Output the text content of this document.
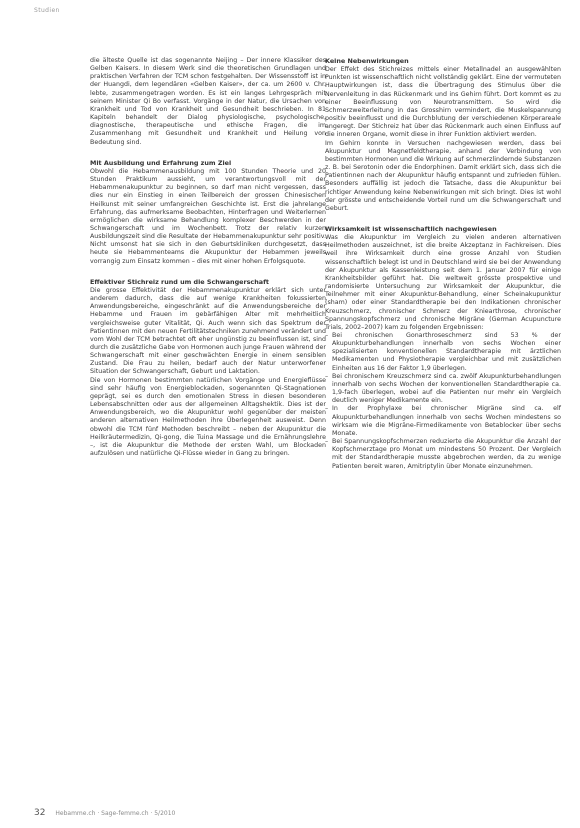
Studien

die älteste Quelle ist das sogenannte Neijing – Der innere Klassiker des Gelben Kaisers. In diesem Werk sind die theoretischen Grundlagen und praktischen Verfahren der TCM schon festgehalten. Der Wissensstoff ist in der Huangdi, dem legendären «Gelben Kaiser», der ca. um 2600 v. Chr. lebte, zusammengetragen worden. Es ist ein langes Lehrgespräch mit seinem Minister Qi Bo verfasst. Vorgänge in der Natur, die Ursachen von Krankheit und Tod von Krankheit und Gesundheit beschrieben. In 81 Kapiteln behandelt der Dialog physiologische, psychologische, diagnostische, therapeutische und ethische Fragen, die im Zusammenhang mit Gesundheit und Krankheit und Heilung von Bedeutung sind.

Mit Ausbildung und Erfahrung zum Ziel

Obwohl die Hebammenausbildung mit 100 Stunden Theorie und 20 Stunden Praktikum aussieht, um verantwortungsvoll mit der Hebammenakupunktur zu beginnen, so darf man nicht vergessen, dass dies nur ein Einstieg in einen Teilbereich der grossen Chinesischen Heilkunst mit seiner umfangreichen Geschichte ist. Erst die jahrelange Erfahrung, das aufmerksame Beobachten, Hinterfragen und Weiterlernen ermöglichen die wirksame Behandlung komplexer Beschwerden in der Schwangerschaft und im Wochenbett. Trotz der relativ kurzen Ausbildungszeit sind die Resultate der Hebammenakupunktur sehr positiv. Nicht umsonst hat sie sich in den Geburtskliniken durchgesetzt, dass heute sie Hebammenteams die Akupunktur der Hebammen jeweils vorrangig zum Einsatz kommen – dies mit einer hohen Erfolgsquote.

Effektiver Stichreiz rund um die Schwangerschaft

Die grosse Effektivität der Hebammenakupunktur erklärt sich unter anderem dadurch, dass die auf wenige Krankheiten fokussierten Anwendungsbereiche, eingeschränkt auf die Anwendungsbereiche der Hebamme und Frauen im gebärfähigen Alter mit mehrheitlich vergleichsweise guter Vitalität, Qi. Auch wenn sich das Spektrum der Patientinnen mit den neuen Fertilitätstechniken zunehmend verändert und vom Wohl der TCM betrachtet oft eher ungünstig zu beeinflussen ist, sind durch die zusätzliche Gabe von Hormonen auch junge Frauen während der Schwangerschaft mit einer geschwächten Energie in einem sensiblen Zustand. Die Frau zu heilen, bedarf auch der Natur unterworfener Situation der Schwangerschaft, Geburt und Laktation.

Die von Hormonen bestimmten natürlichen Vorgänge und Energieflüsse sind sehr häufig von Energieblockaden, sogenannten Qi-Stagnationen geprägt, sei es durch den emotionalen Stress in diesen besonderen Lebensabschnitten oder aus der allgemeinen Alltagshektik. Dies ist der Anwendungsbereich, wo die Akupunktur wohl gegenüber der meisten anderen alternativen Heilmethoden ihre Überlegenheit ausweist. Denn obwohl die TCM fünf Methoden beschreibt – neben der Akupunktur die Heilkräutermedizin, Qi-gong, die Tuina Massage und die Ernährungslehre –, ist die Akupunktur die Methode der ersten Wahl, um Blockaden aufzulösen und natürliche Qi-Flüsse wieder in Gang zu bringen.

Keine Nebenwirkungen

Der Effekt des Stichreizes mittels einer Metallnadel an ausgewählten Punkten ist wissenschaftlich nicht vollständig geklärt. Eine der vermuteten Hauptwirkungen ist, dass die Übertragung des Stimulus über die Nervenleitung in das Rückenmark und ins Gehirn führt. Dort kommt es zu einer Beeinflussung von Neurotransmittern. So wird die Schmerzweiterleitung in das Grosshirn vermindert, die Muskelspannung positiv beeinflusst und die Durchblutung der verschiedenen Körperareale angeregt. Der Stichreiz hat über das Rückenmark auch einen Einfluss auf die inneren Organe, womit diese in ihrer Funktion aktiviert werden.

Im Gehirn konnte in Versuchen nachgewiesen werden, dass bei Akupunktur und Magnetfeldtherapie, anhand der Verbindung von bestimmten Hormonen und die Wirkung auf schmerzlindernde Substanzen z. B. bei Serotonin oder die Endorphinen. Damit erklärt sich, dass sich die Patientinnen nach der Akupunktur häufig entspannt und zufrieden fühlen. Besonders auffällig ist jedoch die Tatsache, dass die Akupunktur bei richtiger Anwendung keine Nebenwirkungen mit sich bringt. Dies ist wohl der grösste und entscheidende Vorteil rund um die Schwangerschaft und Geburt.

Wirksamkeit ist wissenschaftlich nachgewiesen

Was die Akupunktur im Vergleich zu vielen anderen alternativen Heilmethoden auszeichnet, ist die breite Akzeptanz in Fachkreisen. Dies weil ihre Wirksamkeit durch eine grosse Anzahl von Studien wissenschaftlich belegt ist und in Deutschland wird sie bei der Anwendung der Akupunktur als Kassenleistung seit dem 1. Januar 2007 für einige Krankheitsbilder geführt hat. Die weltweit grösste prospektive und randomisierte Untersuchung zur Wirksamkeit der Akupunktur, die Teilnehmer mit einer Akupunktur-Behandlung, einer Scheinakupunktur (sham) oder einer Standardtherapie bei den Indikationen chronischer Kreuzschmerz, chronischer Schmerz der Kniearthrose, chronischer Spannungskopfschmerz und chronische Migräne (German Acupuncture Trials, 2002–2007) kam zu folgenden Ergebnissen:

– Bei chronischen Gonarthroseschmerz sind 53 % der Akupunkturbehandlungen innerhalb von sechs Wochen einer spezialisierten konventionellen Standardtherapie mit ärztlichen Medikamenten und Physiotherapie vergleichbar und mit zusätzlichen Einheiten aus 16 der Faktor 1,9 überlegen.
– Bei chronischem Kreuzschmerz sind ca. zwölf Akupunkturbehandlungen innerhalb von sechs Wochen der konventionellen Standardtherapie ca. 1,9-fach überlegen, wobei auf die Patienten nur mehr ein Vergleich deutlich weniger Medikamente ein.
– In der Prophylaxe bei chronischer Migräne sind ca. elf Akupunkturbehandlungen innerhalb von sechs Wochen mindestens so wirksam wie die Migräne-Firmedikamente von Betablocker über sechs Monate.
– Bei Spannungskopfschmerzen reduzierte die Akupunktur die Anzahl der Kopfschmerztage pro Monat um mindestens 50 Prozent. Der Vergleich mit der Standardtherapie musste abgebrochen werden, da zu wenige Patienten bereit waren, Amitriptylin über Monate einzunehmen.
32 Hebamme.ch · Sage-femme.ch · 5/2010
